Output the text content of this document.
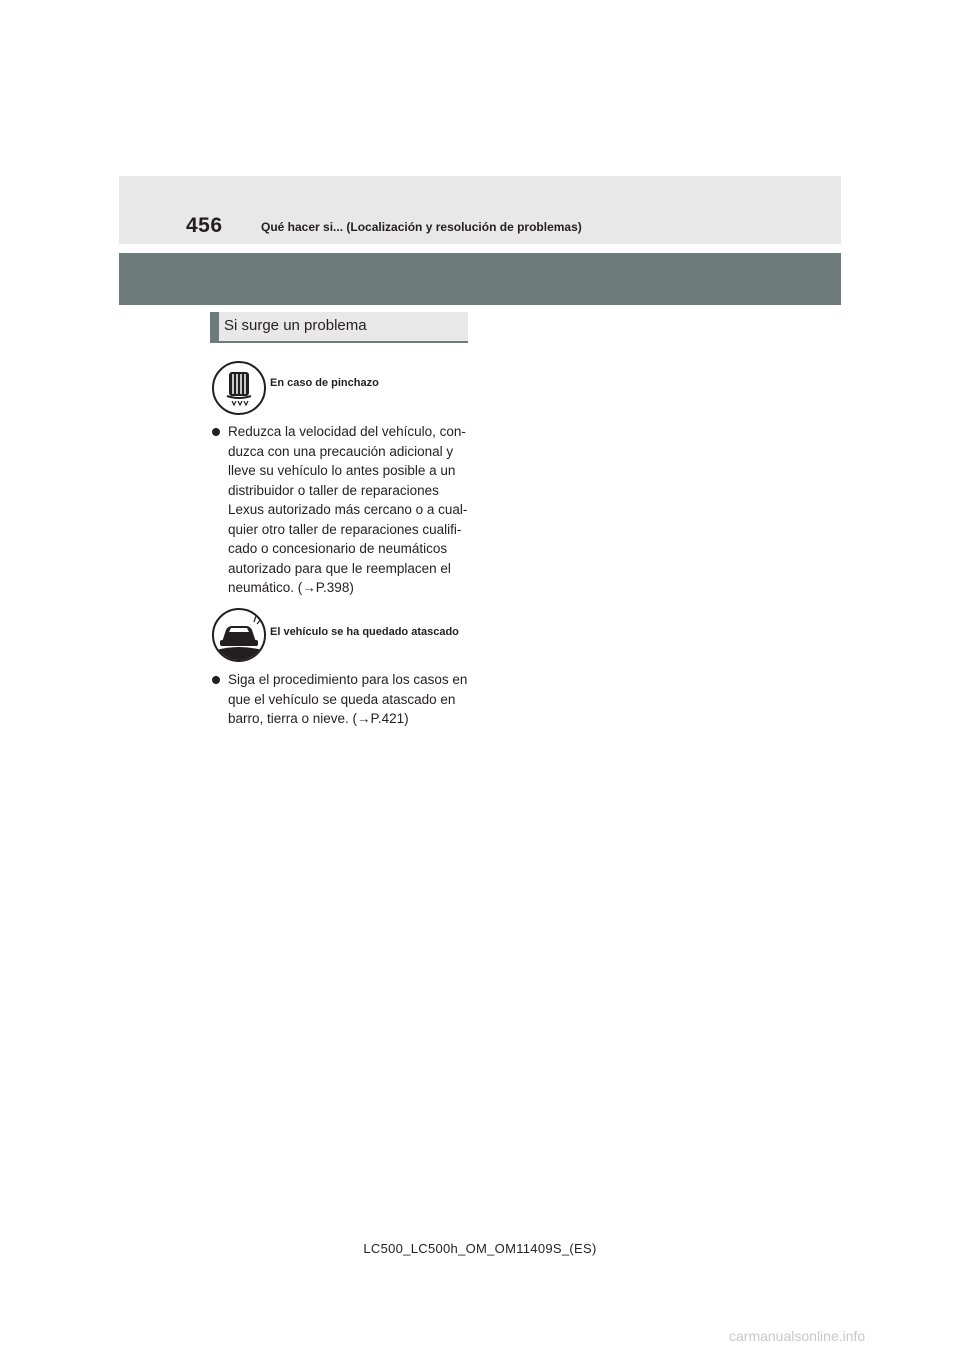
456	Qué hacer si... (Localización y resolución de problemas)
Si surge un problema
En caso de pinchazo
Reduzca la velocidad del vehículo, con-
duzca con una precaución adicional y
lleve su vehículo lo antes posible a un
distribuidor o taller de reparaciones
Lexus autorizado más cercano o a cual-
quier otro taller de reparaciones cualifi-
cado o concesionario de neumáticos
autorizado para que le reemplacen el
neumático. (→P.398)
El vehículo se ha quedado atascado
Siga el procedimiento para los casos en
que el vehículo se queda atascado en
barro, tierra o nieve. (→P.421)
LC500_LC500h_OM_OM11409S_(ES)
carmanualsonline.info
